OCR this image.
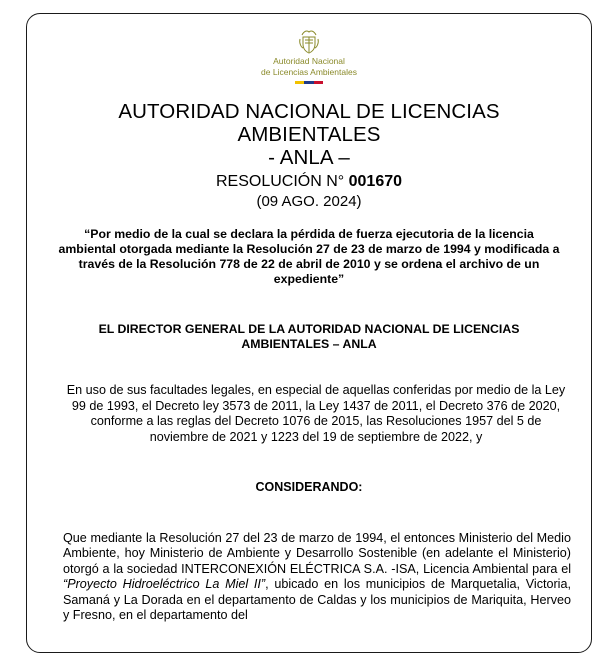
Autoridad Nacional
de Licencias Ambientales
AUTORIDAD NACIONAL DE LICENCIAS
AMBIENTALES
- ANLA –
RESOLUCIÓN N° 001670
(09 AGO. 2024)
“Por medio de la cual se declara la pérdida de fuerza ejecutoria de la licencia ambiental otorgada mediante la Resolución 27 de 23 de marzo de 1994 y modificada a través de la Resolución 778 de 22 de abril de 2010 y se ordena el archivo de un expediente”
EL DIRECTOR GENERAL DE LA AUTORIDAD NACIONAL DE LICENCIAS AMBIENTALES – ANLA
En uso de sus facultades legales, en especial de aquellas conferidas por medio de la Ley 99 de 1993, el Decreto ley 3573 de 2011, la Ley 1437 de 2011, el Decreto 376 de 2020, conforme a las reglas del Decreto 1076 de 2015, las Resoluciones 1957 del 5 de noviembre de 2021 y 1223 del 19 de septiembre de 2022, y
CONSIDERANDO:
Que mediante la Resolución 27 del 23 de marzo de 1994, el entonces Ministerio del Medio Ambiente, hoy Ministerio de Ambiente y Desarrollo Sostenible (en adelante el Ministerio) otorgó a la sociedad INTERCONEXIÓN ELÉCTRICA S.A. -ISA, Licencia Ambiental para el “Proyecto Hidroeléctrico La Miel II”, ubicado en los municipios de Marquetalia, Victoria, Samaná y La Dorada en el departamento de Caldas y los municipios de Mariquita, Herveo y Fresno, en el departamento del
